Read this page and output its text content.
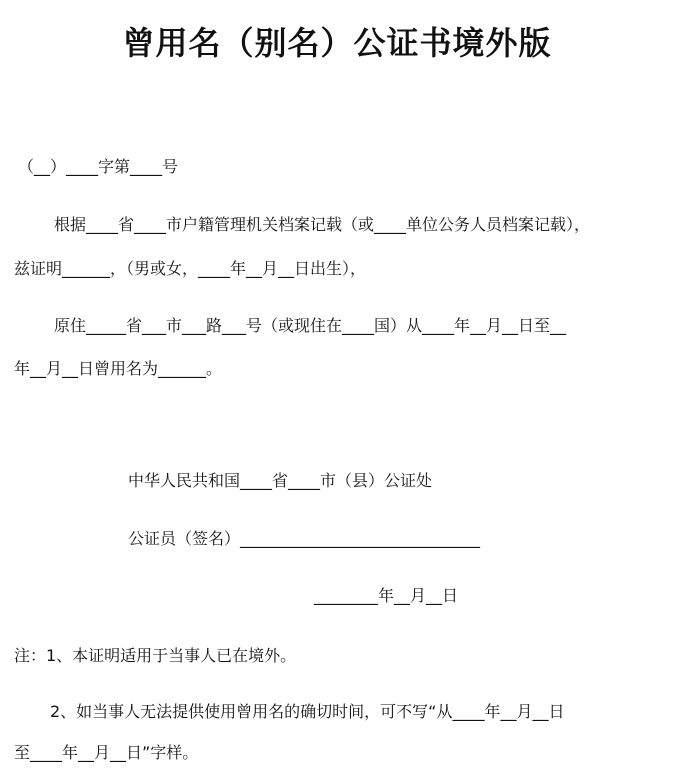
曾用名（别名）公证书境外版
（__）____字第____号
根据____省____市户籍管理机关档案记载（或____单位公务人员档案记载），
兹证明______，（男或女，____年__月__日出生），
原住_____省___市___路___号（或现住在____国）从____年__月__日至__
年__月__日曾用名为______。
中华人民共和国____省____市（县）公证处
公证员（签名）______________________________
________年__月__日
注：1、本证明适用于当事人已在境外。
2、如当事人无法提供使用曾用名的确切时间，可不写“从____年__月__日
至____年__月__日”字样。
